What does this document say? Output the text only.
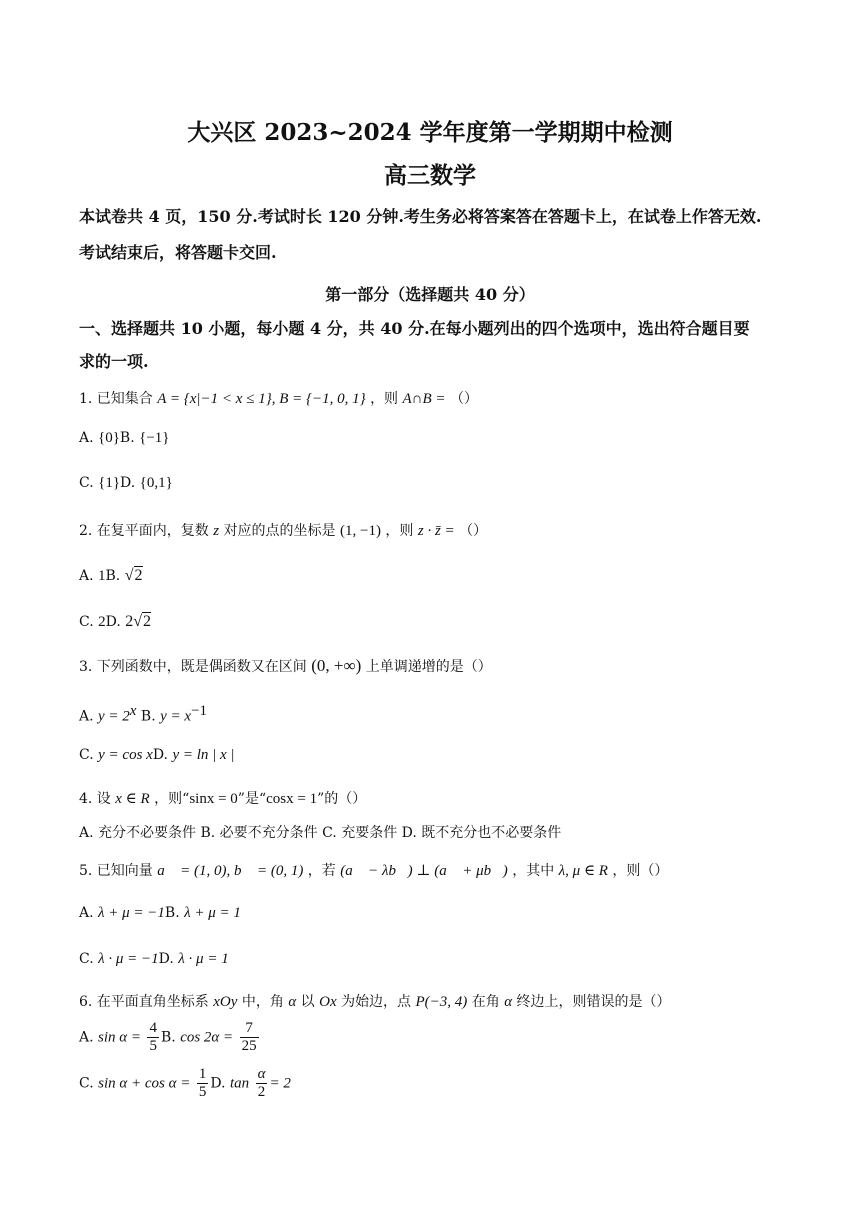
大兴区 2023~2024 学年度第一学期期中检测
高三数学
本试卷共 4 页，150 分.考试时长 120 分钟.考生务必将答案答在答题卡上，在试卷上作答无效.
考试结束后，将答题卡交回.
第一部分（选择题共 40 分）
一、选择题共 10 小题，每小题 4 分，共 40 分.在每小题列出的四个选项中，选出符合题目要
求的一项.
1. 已知集合 A = {x|−1 < x ≤ 1}, B = {−1, 0, 1} ，则 A∩B = （）
A. {0}B. {−1}
C. {1}D. {0,1}
2. 在复平面内，复数 z 对应的点的坐标是 (1, −1) ，则 z · z̄ = （）
A. 1B. √2
C. 2D. 2√2
3. 下列函数中，既是偶函数又在区间 (0, +∞) 上单调递增的是（）
A. $y = 2^x$ B. $y = x^{-1}$
C. y = cos xD. y = ln | x |
4. 设 x ∈ R ，则“sinx = 0”是“cosx = 1”的（）
A. 充分不必要条件 B. 必要不充分条件 C. 充要条件 D. 既不充分也不必要条件
5. 已知向量 a⃗ = (1, 0), b⃗ = (0, 1) ，若 (a⃗ − λb⃗) ⊥ (a⃗ + μb⃗) ，其中 λ, μ ∈ R ，则（）
A. λ + μ = −1B. λ + μ = 1
C. λ · μ = −1D. λ · μ = 1
6. 在平面直角坐标系 xOy 中，角 α 以 Ox 为始边，点 P(−3, 4) 在角 α 终边上，则错误的是（）
A. $\sin \alpha = \frac{4}{5} B$. $\cos 2\alpha = \frac{7}{25}$
C. $\sin \alpha + \cos \alpha = \frac{1}{5} D$. $\tan \frac{\alpha}{2} = 2$
